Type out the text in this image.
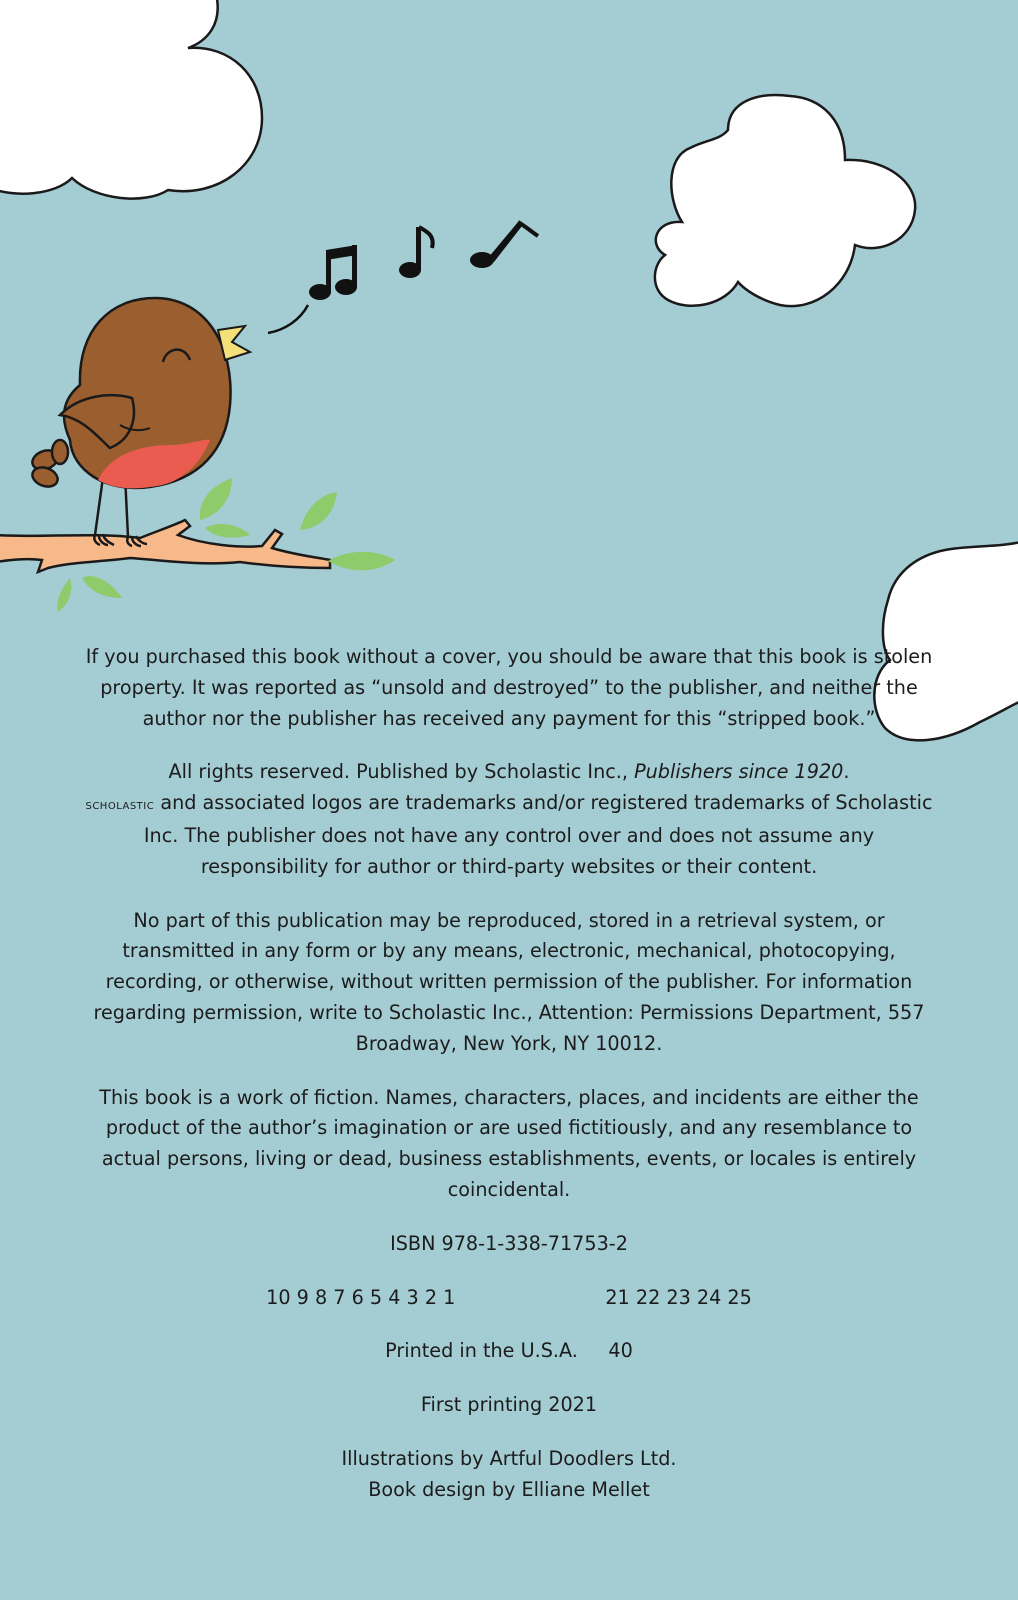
If you purchased this book without a cover, you should be aware that this book is stolen property. It was reported as “unsold and destroyed” to the publisher, and neither the author nor the publisher has received any payment for this “stripped book.”

All rights reserved. Published by Scholastic Inc., Publishers since 1920.
scholastic and associated logos are trademarks and/or registered trademarks of Scholastic Inc. The publisher does not have any control over and does not assume any responsibility for author or third-party websites or their content.

No part of this publication may be reproduced, stored in a retrieval system, or transmitted in any form or by any means, electronic, mechanical, photocopying, recording, or otherwise, without written permission of the publisher. For information regarding permission, write to Scholastic Inc., Attention: Permissions Department, 557 Broadway, New York, NY 10012.

This book is a work of fiction. Names, characters, places, and incidents are either the product of the author’s imagination or are used fictitiously, and any resemblance to actual persons, living or dead, business establishments, events, or locales is entirely coincidental.

ISBN 978-1-338-71753-2

10 9 8 7 6 5 4 3 2 1	21 22 23 24 25

Printed in the U.S.A. 40

First printing 2021

Illustrations by Artful Doodlers Ltd.

Book design by Elliane Mellet
